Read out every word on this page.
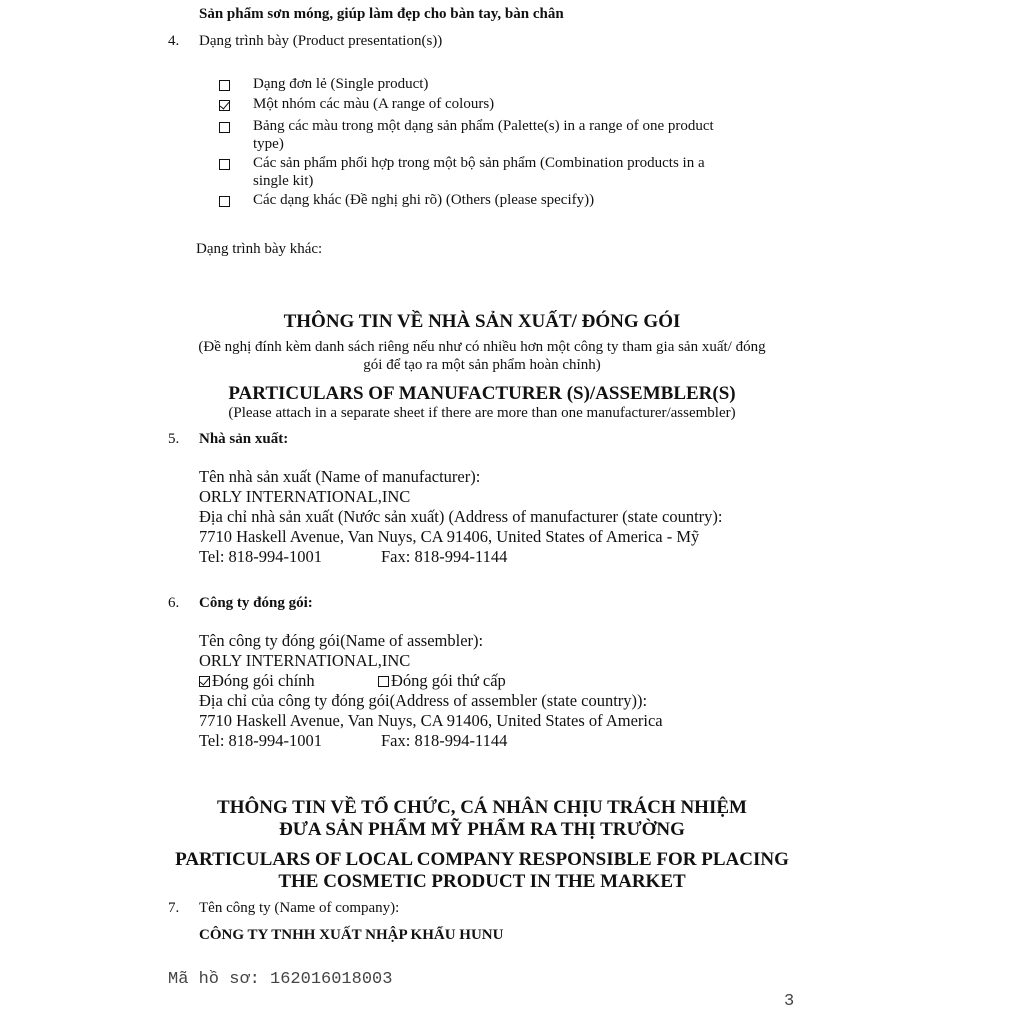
Sản phẩm sơn móng, giúp làm đẹp cho bàn tay, bàn chân
4. Dạng trình bày (Product presentation(s))
Dạng đơn lẻ (Single product)
Một nhóm các màu (A range of colours)
Bảng các màu trong một dạng sản phẩm (Palette(s) in a range of one product
type)
Các sản phẩm phối hợp trong một bộ sản phẩm (Combination products in a
single kit)
Các dạng khác (Đề nghị ghi rõ) (Others (please specify))
Dạng trình bày khác:
THÔNG TIN VỀ NHÀ SẢN XUẤT/ ĐÓNG GÓI
(Đề nghị đính kèm danh sách riêng nếu như có nhiều hơn một công ty tham gia sản xuất/ đóng
gói để tạo ra một sản phẩm hoàn chỉnh)
PARTICULARS OF MANUFACTURER (S)/ASSEMBLER(S)
(Please attach in a separate sheet if there are more than one manufacturer/assembler)
5. Nhà sản xuất:
Tên nhà sản xuất (Name of manufacturer):
ORLY INTERNATIONAL,INC
Địa chỉ nhà sản xuất (Nước sản xuất) (Address of manufacturer (state country):
7710 Haskell Avenue, Van Nuys, CA 91406, United States of America - Mỹ
Tel: 818-994-1001	Fax: 818-994-1144
6. Công ty đóng gói:
Tên công ty đóng gói(Name of assembler):
ORLY INTERNATIONAL,INC
Đóng gói chính	Đóng gói thứ cấp
Địa chỉ của công ty đóng gói(Address of assembler (state country)):
7710 Haskell Avenue, Van Nuys, CA 91406, United States of America
Tel: 818-994-1001	Fax: 818-994-1144
THÔNG TIN VỀ TỔ CHỨC, CÁ NHÂN CHỊU TRÁCH NHIỆM
ĐƯA SẢN PHẨM MỸ PHẨM RA THỊ TRƯỜNG
PARTICULARS OF LOCAL COMPANY RESPONSIBLE FOR PLACING
THE COSMETIC PRODUCT IN THE MARKET
7. Tên công ty (Name of company):
CÔNG TY TNHH XUẤT NHẬP KHẨU HUNU
Mã hồ sơ: 162016018003
3
